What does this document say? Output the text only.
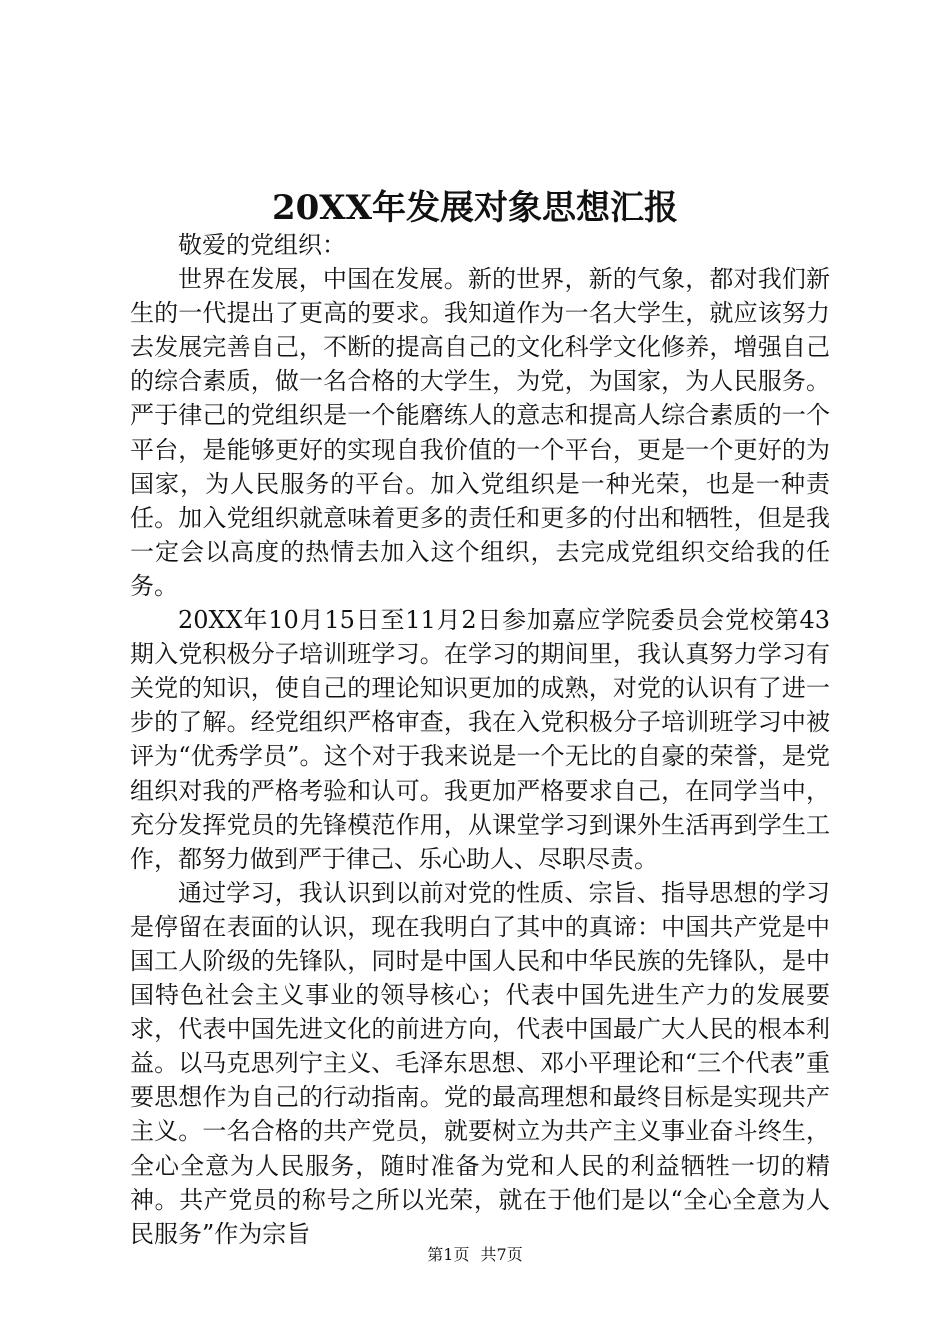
20XX年发展对象思想汇报

敬爱的党组织：

世界在发展，中国在发展。新的世界，新的气象，都对我们新生的一代提出了更高的要求。我知道作为一名大学生，就应该努力去发展完善自己，不断的提高自己的文化科学文化修养，增强自己的综合素质，做一名合格的大学生，为党，为国家，为人民服务。严于律己的党组织是一个能磨练人的意志和提高人综合素质的一个平台，是能够更好的实现自我价值的一个平台，更是一个更好的为国家，为人民服务的平台。加入党组织是一种光荣，也是一种责任。加入党组织就意味着更多的责任和更多的付出和牺牲，但是我一定会以高度的热情去加入这个组织，去完成党组织交给我的任务。

20XX年10月15日至11月2日参加嘉应学院委员会党校第43期入党积极分子培训班学习。在学习的期间里，我认真努力学习有关党的知识，使自己的理论知识更加的成熟，对党的认识有了进一步的了解。经党组织严格审查，我在入党积极分子培训班学习中被评为“优秀学员”。这个对于我来说是一个无比的自豪的荣誉，是党组织对我的严格考验和认可。我更加严格要求自己，在同学当中，充分发挥党员的先锋模范作用，从课堂学习到课外生活再到学生工作，都努力做到严于律己、乐心助人、尽职尽责。

通过学习，我认识到以前对党的性质、宗旨、指导思想的学习是停留在表面的认识，现在我明白了其中的真谛：中国共产党是中国工人阶级的先锋队，同时是中国人民和中华民族的先锋队，是中国特色社会主义事业的领导核心；代表中国先进生产力的发展要求，代表中国先进文化的前进方向，代表中国最广大人民的根本利益。以马克思列宁主义、毛泽东思想、邓小平理论和“三个代表”重要思想作为自己的行动指南。党的最高理想和最终目标是实现共产主义。一名合格的共产党员，就要树立为共产主义事业奋斗终生，全心全意为人民服务，随时准备为党和人民的利益牺牲一切的精神。共产党员的称号之所以光荣，就在于他们是以“全心全意为人民服务”作为宗旨

第1页 共7页
